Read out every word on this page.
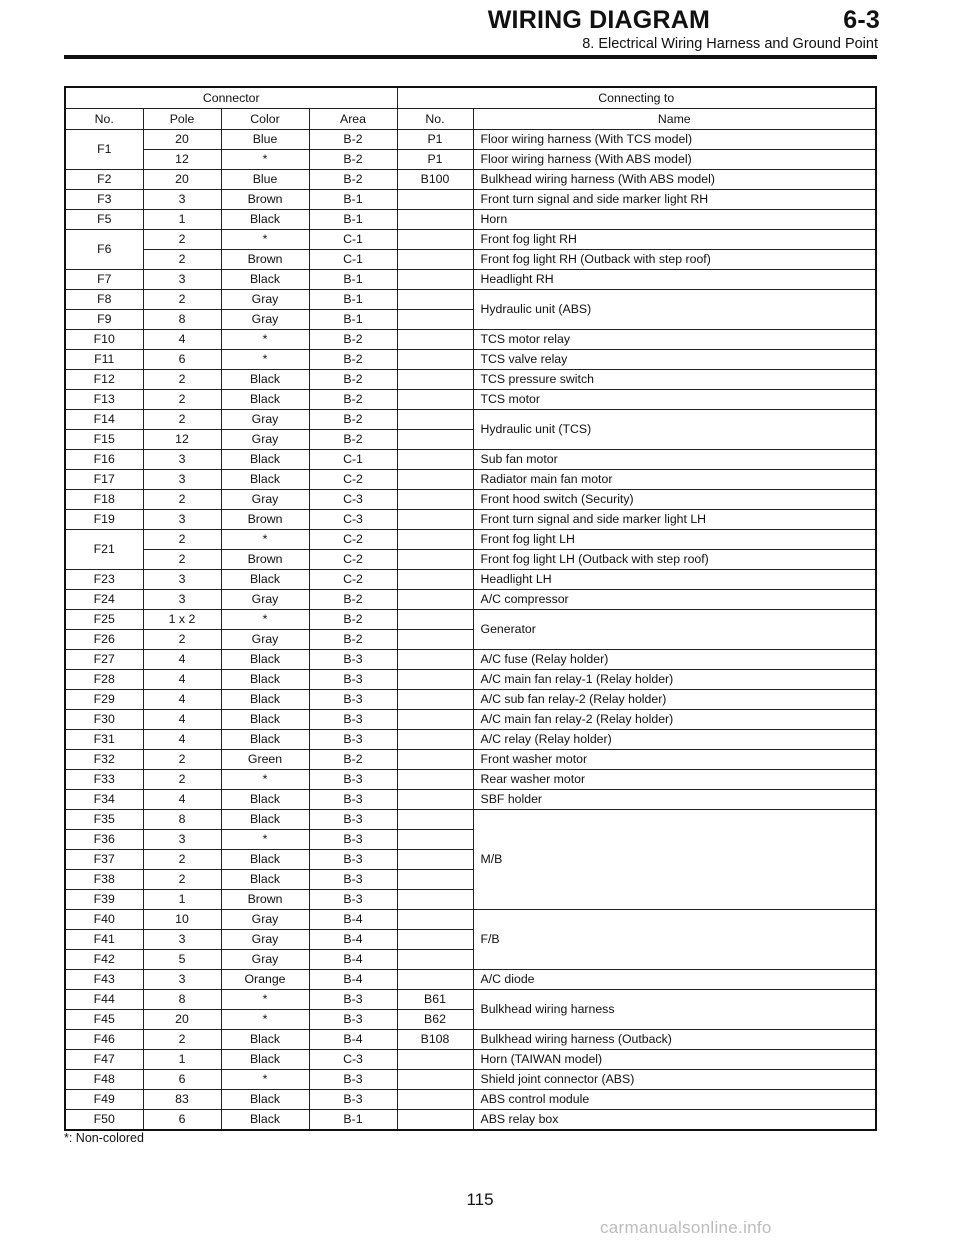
WIRING DIAGRAM	6-3
8. Electrical Wiring Harness and Ground Point
Connector				Connecting to	
No.	Pole	Color	Area	No.	Name
F1	20	Blue	B-2	P1	Floor wiring harness (With TCS model)
	12	*	B-2	P1	Floor wiring harness (With ABS model)
F2	20	Blue	B-2	B100	Bulkhead wiring harness (With ABS model)
F3	3	Brown	B-1		Front turn signal and side marker light RH
F5	1	Black	B-1		Horn
F6	2	*	C-1		Front fog light RH
	2	Brown	C-1		Front fog light RH (Outback with step roof)
F7	3	Black	B-1		Headlight RH
F8	2	Gray	B-1		Hydraulic unit (ABS)
F9	8	Gray	B-1		
F10	4	*	B-2		TCS motor relay
F11	6	*	B-2		TCS valve relay
F12	2	Black	B-2		TCS pressure switch
F13	2	Black	B-2		TCS motor
F14	2	Gray	B-2		Hydraulic unit (TCS)
F15	12	Gray	B-2		
F16	3	Black	C-1		Sub fan motor
F17	3	Black	C-2		Radiator main fan motor
F18	2	Gray	C-3		Front hood switch (Security)
F19	3	Brown	C-3		Front turn signal and side marker light LH
F21	2	*	C-2		Front fog light LH
	2	Brown	C-2		Front fog light LH (Outback with step roof)
F23	3	Black	C-2		Headlight LH
F24	3	Gray	B-2		A/C compressor
F25	1 x 2	*	B-2		Generator
F26	2	Gray	B-2		
F27	4	Black	B-3		A/C fuse (Relay holder)
F28	4	Black	B-3		A/C main fan relay-1 (Relay holder)
F29	4	Black	B-3		A/C sub fan relay-2 (Relay holder)
F30	4	Black	B-3		A/C main fan relay-2 (Relay holder)
F31	4	Black	B-3		A/C relay (Relay holder)
F32	2	Green	B-2		Front washer motor
F33	2	*	B-3		Rear washer motor
F34	4	Black	B-3		SBF holder
F35	8	Black	B-3		M/B
F36	3	*	B-3		
F37	2	Black	B-3		
F38	2	Black	B-3		
F39	1	Brown	B-3		
F40	10	Gray	B-4		F/B
F41	3	Gray	B-4		
F42	5	Gray	B-4		
F43	3	Orange	B-4		A/C diode
F44	8	*	B-3	B61	Bulkhead wiring harness
F45	20	*	B-3	B62	
F46	2	Black	B-4	B108	Bulkhead wiring harness (Outback)
F47	1	Black	C-3		Horn (TAIWAN model)
F48	6	*	B-3		Shield joint connector (ABS)
F49	83	Black	B-3		ABS control module
F50	6	Black	B-1		ABS relay box
*: Non-colored
115
carmanualsonline.info
